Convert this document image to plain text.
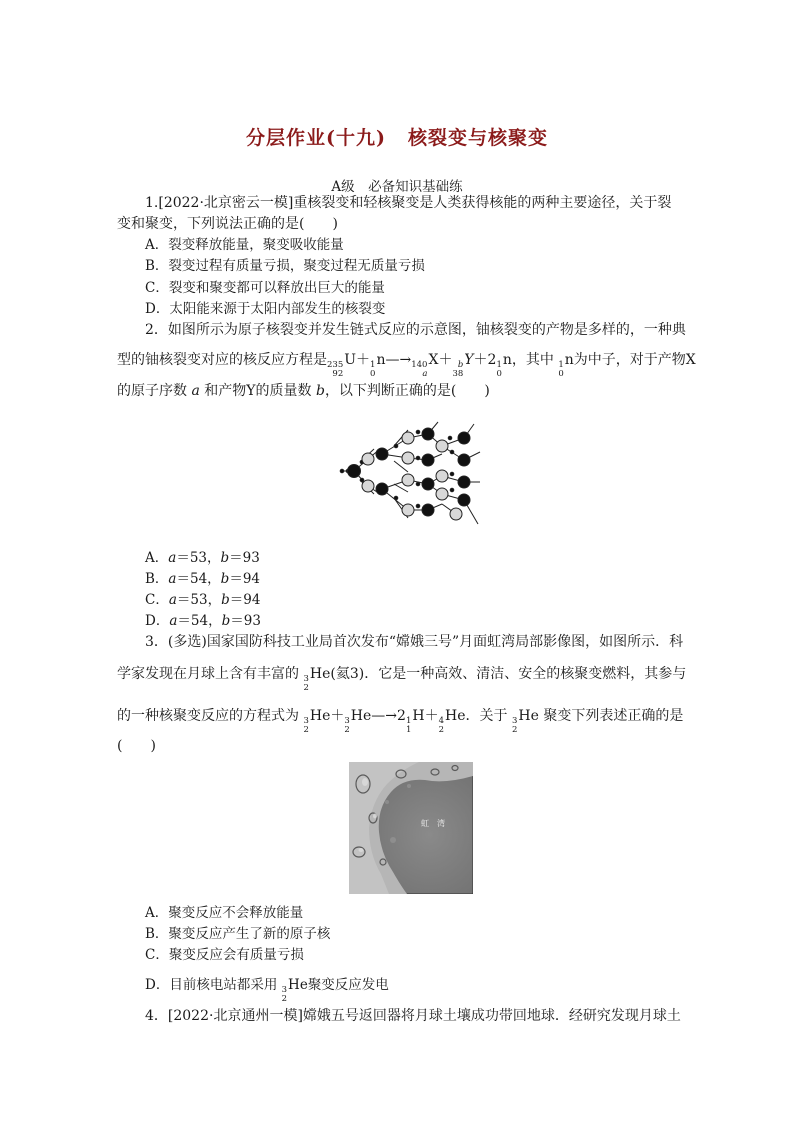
分层作业(十九) 核裂变与核聚变
A级　必备知识基础练
1.[2022·北京密云一模]重核裂变和轻核聚变是人类获得核能的两种主要途径，关于裂
变和聚变，下列说法正确的是(　　)
A．裂变释放能量，聚变吸收能量
B．裂变过程有质量亏损，聚变过程无质量亏损
C．裂变和聚变都可以释放出巨大的能量
D．太阳能来源于太阳内部发生的核裂变
2．如图所示为原子核裂变并发生链式反应的示意图，铀核裂变的产物是多样的，一种典
型的铀核裂变对应的核反应方程是 235
92
U＋ 1
0
n—→ 140
a
X＋ b
38
Y＋2 1
0
n，其中 1
0
n为中子，对于产物X
的原子序数 a 和产物Y的质量数 b，以下判断正确的是(　　)
A．a＝53，b＝93
B．a＝54，b＝94
C．a＝53，b＝94
D．a＝54，b＝93
3．(多选)国家国防科技工业局首次发布“嫦娥三号”月面虹湾局部影像图，如图所示．科
学家发现在月球上含有丰富的 3
2
He(氦3)．它是一种高效、清洁、安全的核聚变燃料，其参与
的一种核聚变反应的方程式为 3
2
He＋ 3
2
He—→2 1
1
H＋ 4
2
He．关于 3
2
He 聚变下列表述正确的是
(　　)
虹　湾
A．聚变反应不会释放能量
B．聚变反应产生了新的原子核
C．聚变反应会有质量亏损
D．目前核电站都采用 3
2
He聚变反应发电
4．[2022·北京通州一模]嫦娥五号返回器将月球土壤成功带回地球．经研究发现月球土
